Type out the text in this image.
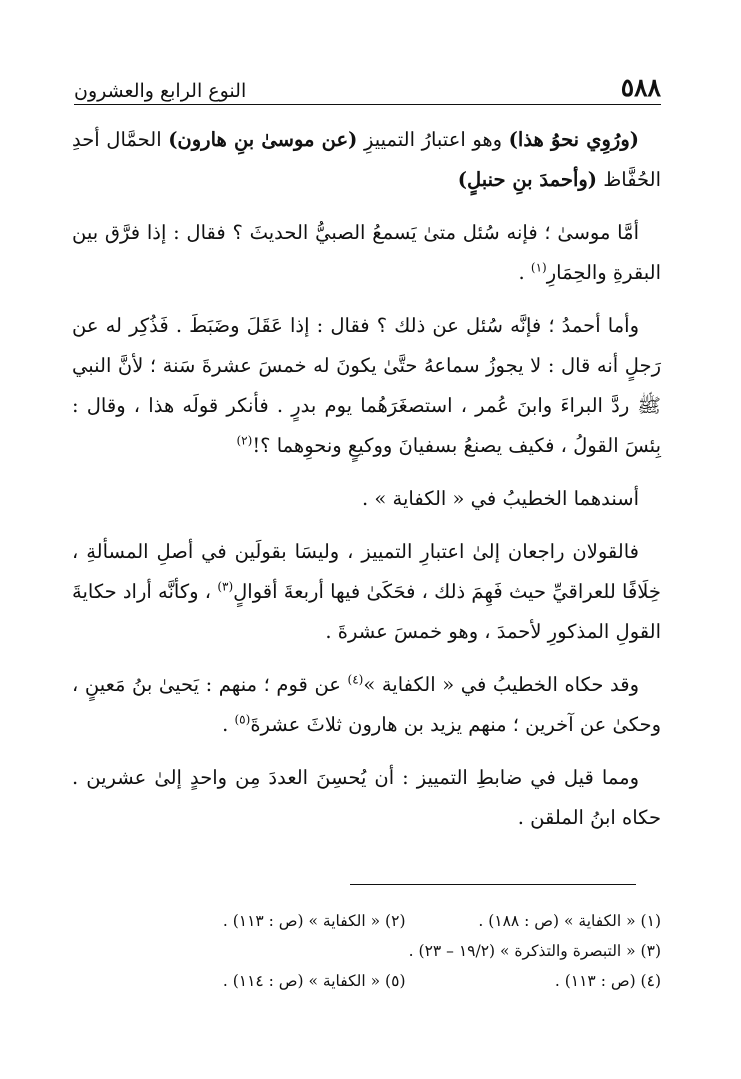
٥٨٨
النوع الرابع والعشرون

(ورُوِي نحوُ هذا) وهو اعتبارُ التمييزِ (عن موسىٰ بنِ هارون) الحمَّال أحدِ الحُفَّاظ (وأحمدَ بنِ حنبلٍ)

أمَّا موسىٰ ؛ فإنه سُئل متىٰ يَسمعُ الصبيُّ الحديثَ ؟ فقال : إذا فرَّق بين البقرةِ والحِمَارِ$^{(١)}$ .

وأما أحمدُ ؛ فإنَّه سُئل عن ذلك ؟ فقال : إذا عَقَلَ وضَبَطَ . فَذُكِر له عن رَجلٍ أنه قال : لا يجوزُ سماعهُ حتَّىٰ يكونَ له خمسَ عشرةَ سَنة ؛ لأنَّ النبي ﷺ ردَّ البراءَ وابنَ عُمر ، استصغَرَهُما يوم بدرٍ . فأنكر قولَه هذا ، وقال : بِئسَ القولُ ، فكيف يصنعُ بسفيانَ ووكيعٍ ونحوِهما ؟!$^{(٢)}$

أسندهما الخطيبُ في « الكفاية » .

فالقولان راجعان إلىٰ اعتبارِ التمييز ، وليسَا بقولَين في أصلِ المسألةِ ، خِلَافًا للعراقيِّ حيث فَهِمَ ذلك ، فحَكَىٰ فيها أربعةَ أقوالٍ$^{(٣)}$ ، وكأنَّه أراد حكايةَ القولِ المذكورِ لأحمدَ ، وهو خمسَ عشرةَ .

وقد حكاه الخطيبُ في « الكفاية »$^{(٤)}$ عن قوم ؛ منهم : يَحيىٰ بنُ مَعينٍ ، وحكىٰ عن آخرين ؛ منهم يزيد بن هارون ثلاثَ عشرةَ$^{(٥)}$ .

ومما قيل في ضابطِ التمييز : أن يُحسِنَ العددَ مِن واحدٍ إلىٰ عشرين . حكاه ابنُ الملقن .

(١) « الكفاية » (ص : ١٨٨) .
(٢) « الكفاية » (ص : ١١٣) .
(٣) « التبصرة والتذكرة » (١٩/٢ – ٢٣) .
(٤) (ص : ١١٣) .
(٥) « الكفاية » (ص : ١١٤) .
